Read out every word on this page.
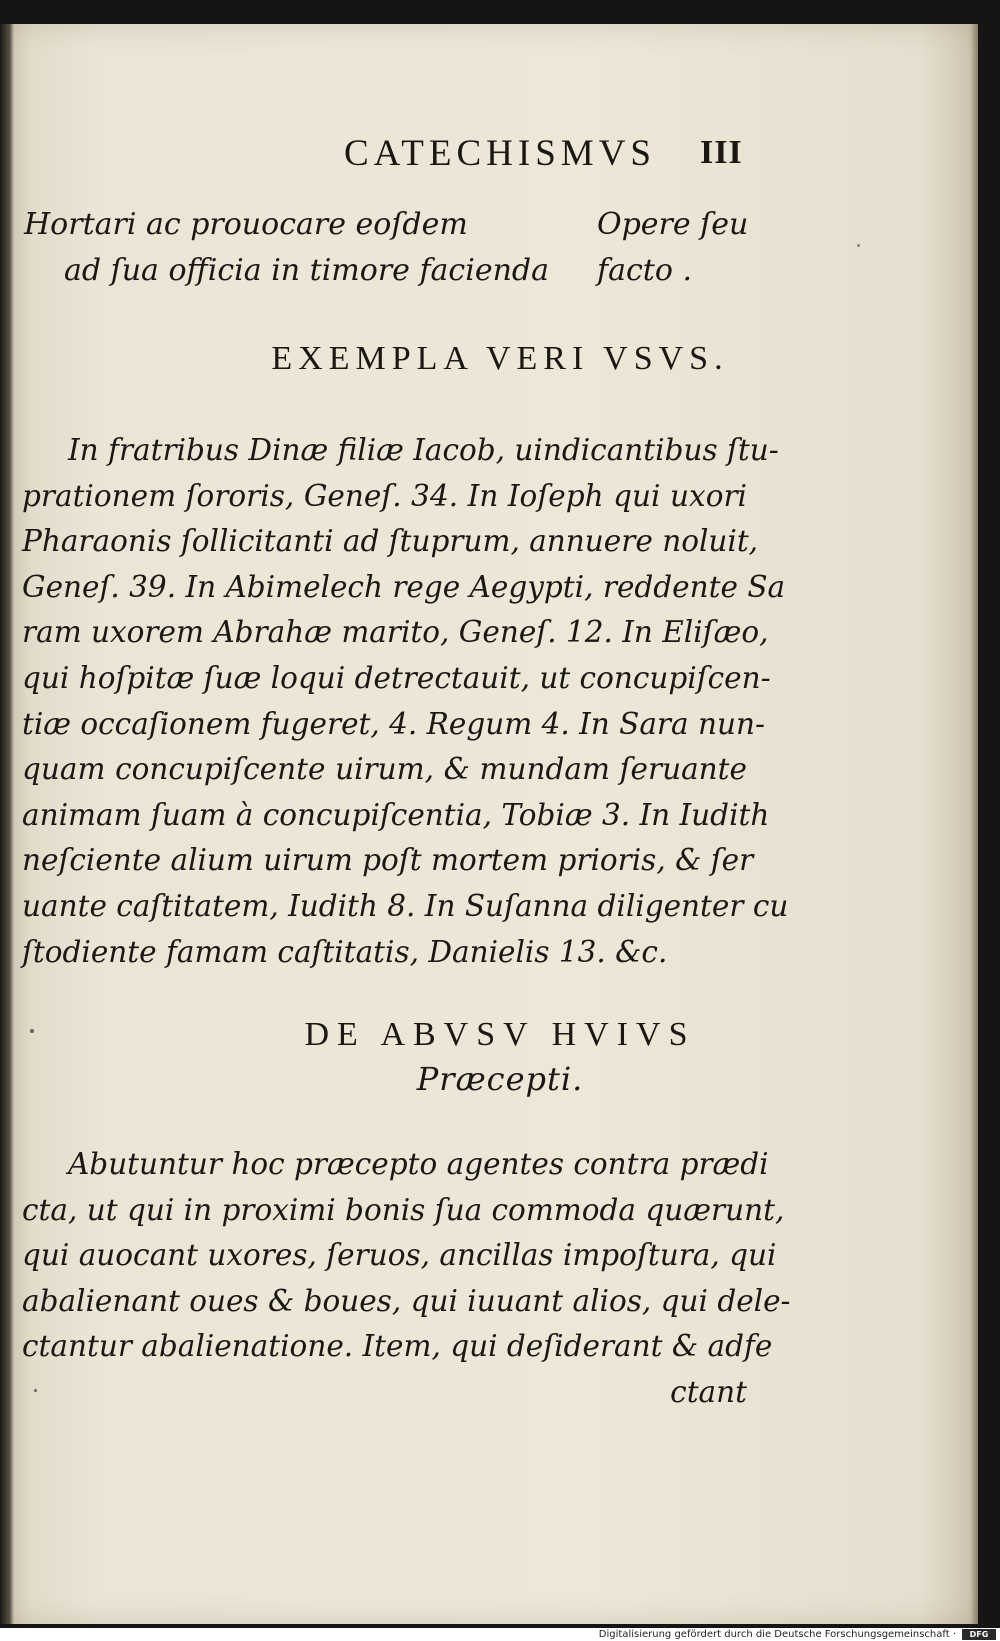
CATECHISMVS	III
Hortari ac prouocare eoſdem
ad ſua officia in timore facienda
Opere ſeu
facto .
EXEMPLA VERI VSVS.
In fratribus Dinæ filiæ Iacob, uindicantibus ſtu-
prationem ſororis, Geneſ. 34. In Ioſeph qui uxori
Pharaonis ſollicitanti ad ſtuprum, annuere noluit,
Geneſ. 39. In Abimelech rege Aegypti, reddente Sa
ram uxorem Abrahæ marito, Geneſ. 12. In Eliſæo,
qui hoſpitæ ſuæ loqui detrectauit, ut concupiſcen-
tiæ occaſionem fugeret, 4. Regum 4. In Sara nun-
quam concupiſcente uirum, & mundam ſeruante
animam ſuam à concupiſcentia, Tobiæ 3. In Iudith
neſciente alium uirum poſt mortem prioris, & ſer
uante caſtitatem, Iudith 8. In Suſanna diligenter cu
ſtodiente famam caſtitatis, Danielis 13. &c.
DE ABVSV HVIVS
Præcepti.
Abutuntur hoc præcepto agentes contra prædi
cta, ut qui in proximi bonis ſua commoda quærunt,
qui auocant uxores, ſeruos, ancillas impoſtura, qui
abalienant oues & boues, qui iuuant alios, qui dele-
ctantur abalienatione. Item, qui deſiderant & adfe
ctant
Digitalisierung gefördert durch die Deutsche Forschungsgemeinschaft ·	DFG
